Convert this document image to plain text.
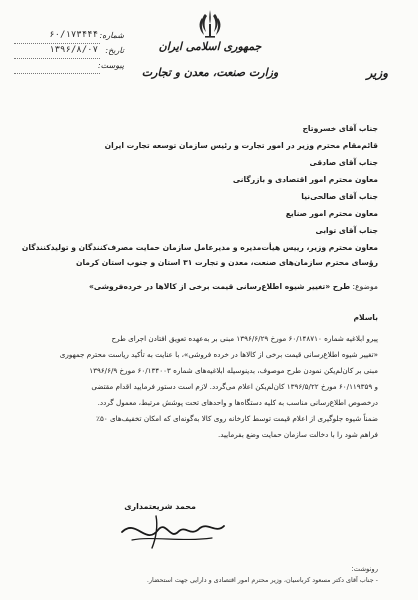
جمهوری اسلامی ایران
وزارت صنعت، معدن و تجارت	وزیر
۶۰/۱۷۳۴۴۴ شماره:
۱۳۹۶/۸/۰۷ تاریخ:
پیوست:
جناب آقای خسروتاج
قائم‌مقام محترم وزیر در امور تجارت و رئیس سازمان توسعه تجارت ایران
جناب آقای صادقی
معاون محترم امور اقتصادی و بازرگانی
جناب آقای صالحی‌نیا
معاون محترم امور صنایع
جناب آقای توابی
معاون محترم وزیر، رییس هیأت‌مدیره و مدیرعامل سازمان حمایت مصرف‌کنندگان و تولیدکنندگان
رؤسای محترم سازمان‌های صنعت، معدن و تجارت ۳۱ استان و جنوب استان کرمان
موضوع: طرح «تغییر شیوه اطلاع‌رسانی قیمت برخی از کالاها در خرده‌فروشی»
باسلام
پیرو ابلاغیه شماره ۶۰/۱۴۸۷۱۰ مورخ ۱۳۹۶/۶/۲۹ مبنی بر به‌عهده تعویق افتادن اجرای طرح
«تغییر شیوه اطلاع‌رسانی قیمت برخی از کالاها در خرده فروشی»، با عنایت به تأکید ریاست محترم جمهوری
مبنی بر کان‌لم‌یکن نمودن طرح موصوف، بدینوسیله ابلاغیه‌های شماره ۶۰/۱۳۴۰۰۳ مورخ ۱۳۹۶/۶/۹
و ۶۰/۱۱۹۳۵۹ مورخ ۱۳۹۶/۵/۲۲ کان‌لم‌یکن اعلام می‌گردد. لازم است دستور فرمایید اقدام مقتضی
درخصوص اطلاع‌رسانی مناسب به کلیه دستگاه‌ها و واحدهای تحت پوشش مرتبط، معمول گردد.
ضمناً شیوه جلوگیری از اعلام قیمت توسط کارخانه روی کالا به‌گونه‌ای که امکان تخفیف‌های ۵۰٪
فراهم شود را با دخالت سازمان حمایت وضع بفرمایید.
محمد شریعتمداری
رونوشت:
- جناب آقای دکتر مسعود کرباسیان، وزیر محترم امور اقتصادی و دارایی جهت استحضار.
